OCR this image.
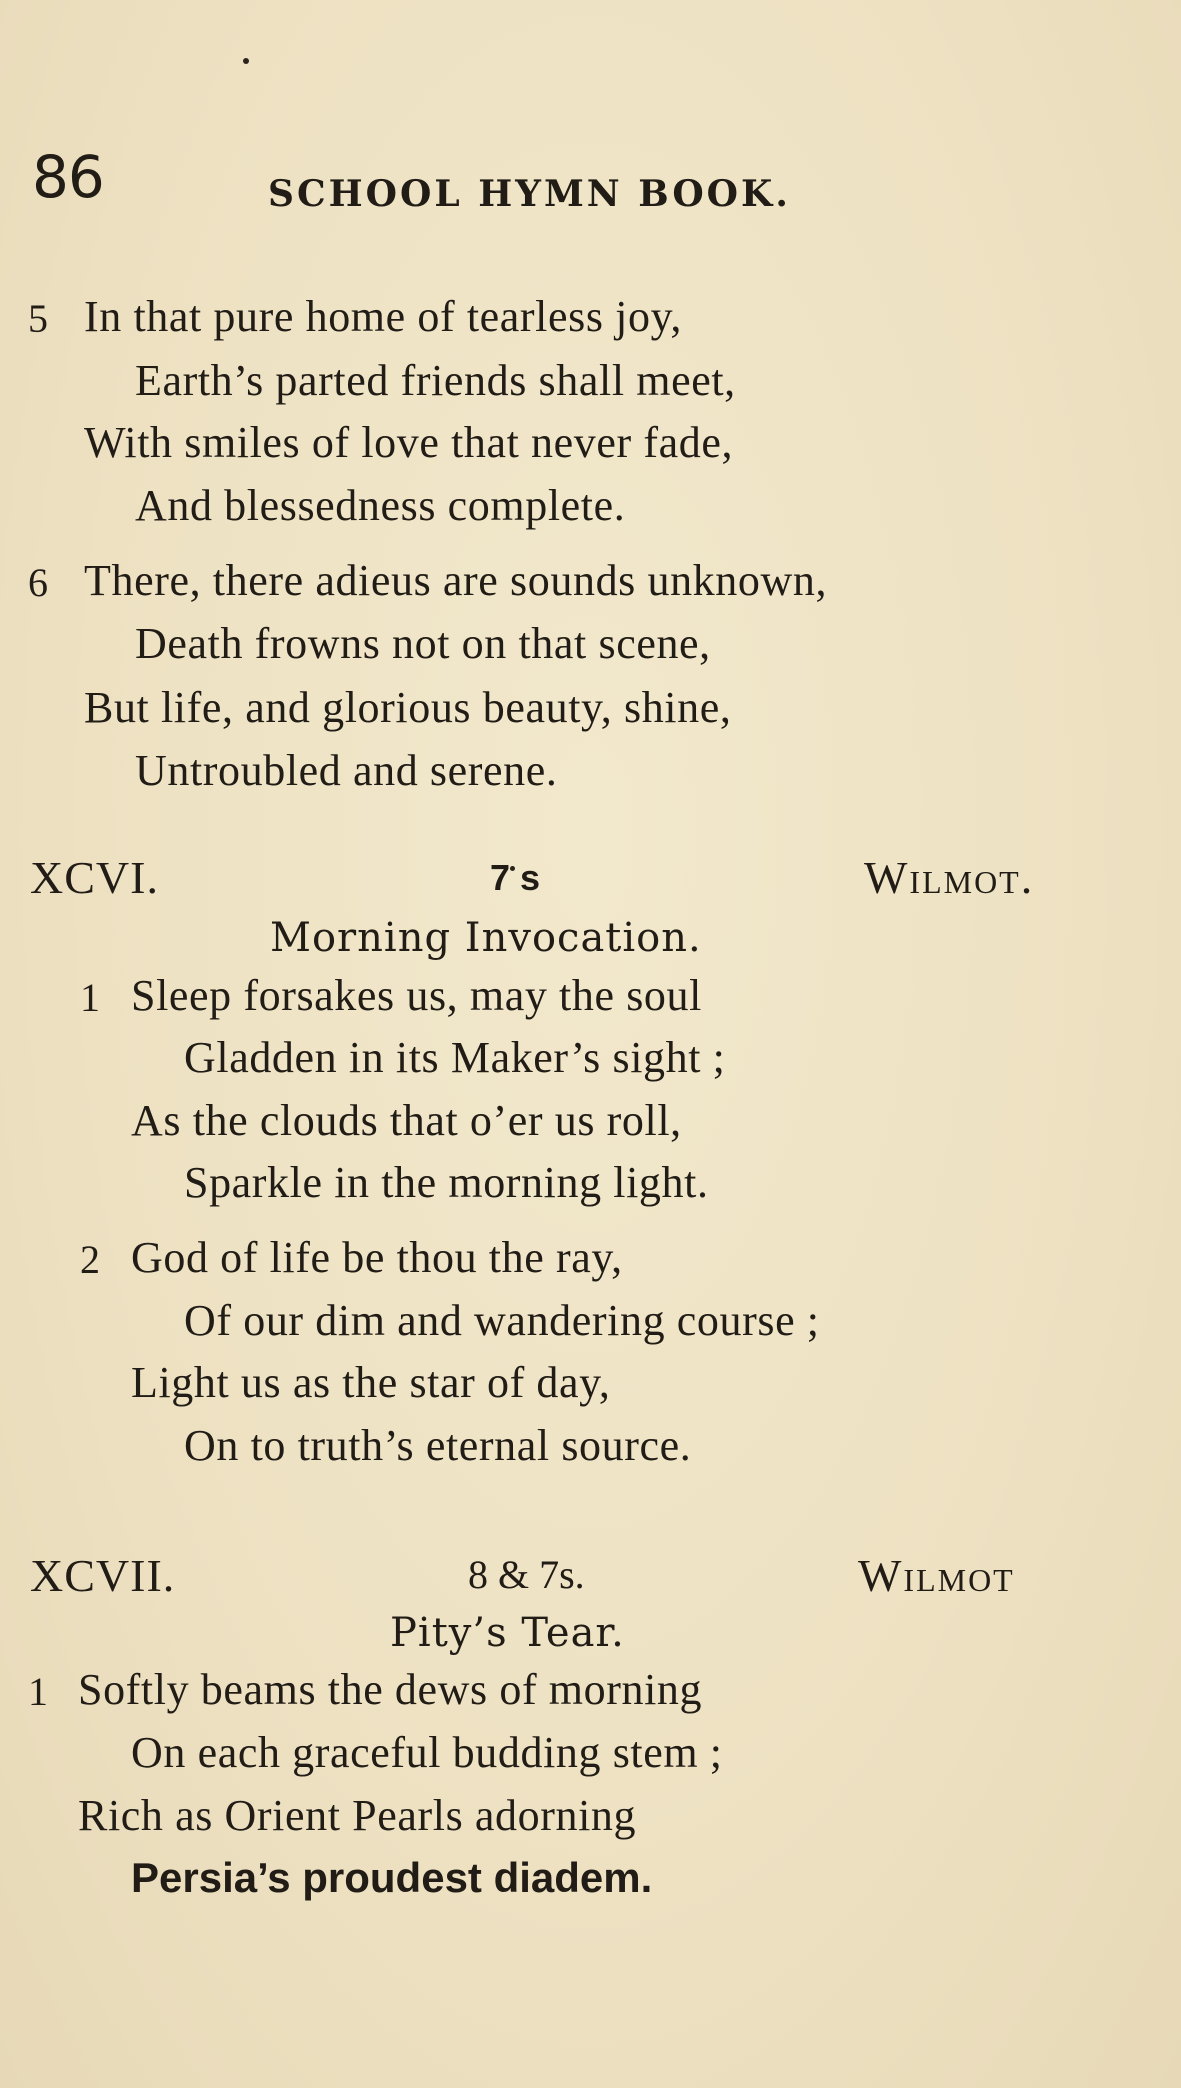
86	SCHOOL HYMN BOOK.
5 In that pure home of tearless joy,
Earth’s parted friends shall meet,
With smiles of love that never fade,
And blessedness complete.
6 There, there adieus are sounds unknown,
Death frowns not on that scene,
But life, and glorious beauty, shine,
Untroubled and serene.
XCVI.	7 s	Wilmot.
Morning Invocation.
1 Sleep forsakes us, may the soul
Gladden in its Maker’s sight ;
As the clouds that o’er us roll,
Sparkle in the morning light.
2 God of life be thou the ray,
Of our dim and wandering course ;
Light us as the star of day,
On to truth’s eternal source.
XCVII.	8 & 7s.	Wilmot
Pity’s Tear.
1 Softly beams the dews of morning
On each graceful budding stem ;
Rich as Orient Pearls adorning
Persia’s proudest diadem.
